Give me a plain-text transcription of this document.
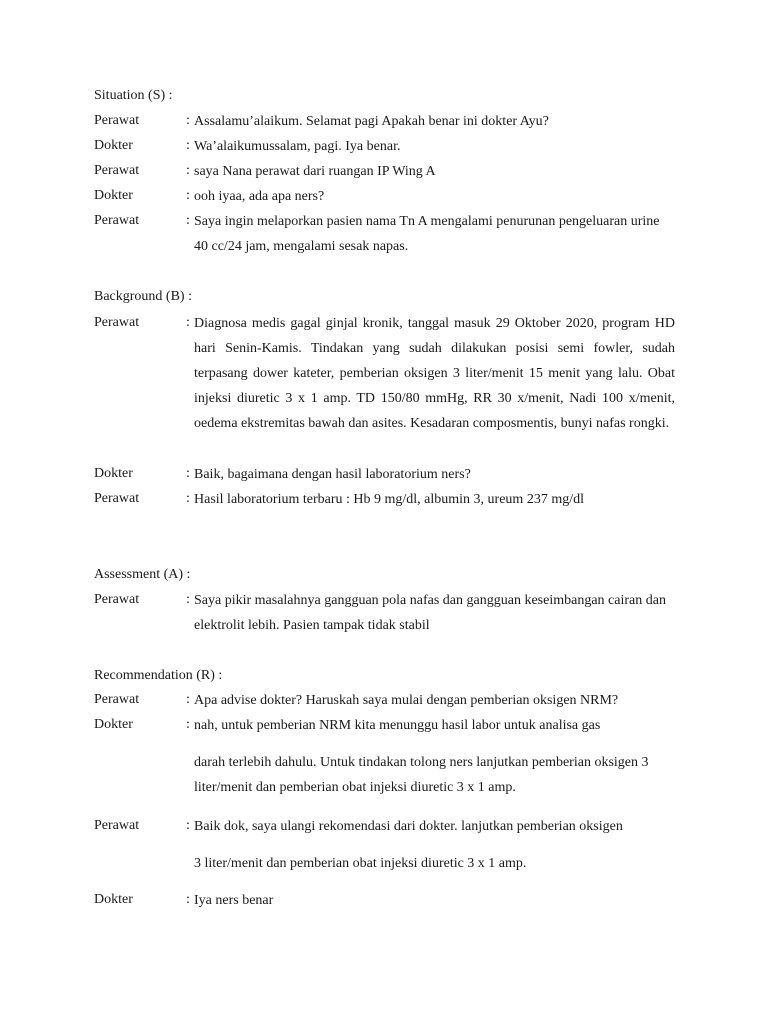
Situation (S) :
Perawat	: Assalamu’alaikum. Selamat pagi Apakah benar ini dokter Ayu?
Dokter	: Wa’alaikumussalam, pagi. Iya benar.
Perawat	: saya Nana perawat dari ruangan IP Wing A
Dokter	: ooh iyaa, ada apa ners?
Perawat	: Saya ingin melaporkan pasien nama Tn A mengalami penurunan pengeluaran urine 40 cc/24 jam, mengalami sesak napas.
Background (B) :
Perawat	: Diagnosa medis gagal ginjal kronik, tanggal masuk 29 Oktober 2020, program HD hari Senin-Kamis. Tindakan yang sudah dilakukan posisi semi fowler, sudah terpasang dower kateter, pemberian oksigen 3 liter/menit 15 menit yang lalu. Obat injeksi diuretic 3 x 1 amp. TD 150/80 mmHg, RR 30 x/menit, Nadi 100 x/menit, oedema ekstremitas bawah dan asites. Kesadaran composmentis, bunyi nafas rongki.
Dokter	: Baik, bagaimana dengan hasil laboratorium ners?
Perawat	: Hasil laboratorium terbaru : Hb 9 mg/dl, albumin 3, ureum 237 mg/dl
Assessment (A) :
Perawat	: Saya pikir masalahnya gangguan pola nafas dan gangguan keseimbangan cairan dan elektrolit lebih. Pasien tampak tidak stabil
Recommendation (R) :
Perawat	: Apa advise dokter? Haruskah saya mulai dengan pemberian oksigen NRM?
Dokter	: nah, untuk pemberian NRM kita menunggu hasil labor untuk analisa gas
darah terlebih dahulu. Untuk tindakan tolong ners lanjutkan pemberian oksigen 3 liter/menit dan pemberian obat injeksi diuretic 3 x 1 amp.
Perawat	: Baik dok, saya ulangi rekomendasi dari dokter. lanjutkan pemberian oksigen
3 liter/menit dan pemberian obat injeksi diuretic 3 x 1 amp.
Dokter	: Iya ners benar
